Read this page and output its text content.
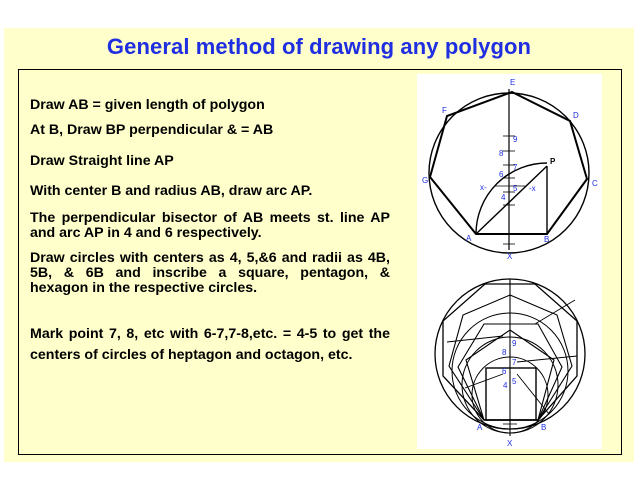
General method of drawing any polygon
Draw AB = given length of polygon
At B, Draw BP perpendicular & = AB
Draw Straight line AP
With center B and radius AB, draw arc AP.
The perpendicular bisector of AB meets st. line AP and arc AP in 4 and 6 respectively.
Draw circles with centers as 4, 5,&6 and radii as 4B, 5B, & 6B and inscribe a square, pentagon, & hexagon in the respective circles.
Mark point 7, 8, etc with 6-7,7-8,etc. = 4-5 to get the centers of circles of heptagon and octagon, etc.
E
D
C
B
A
G
F
P
9
8
7
6
5
4
x-	-x
X
9
8
7
6
5
4
A	B
X
